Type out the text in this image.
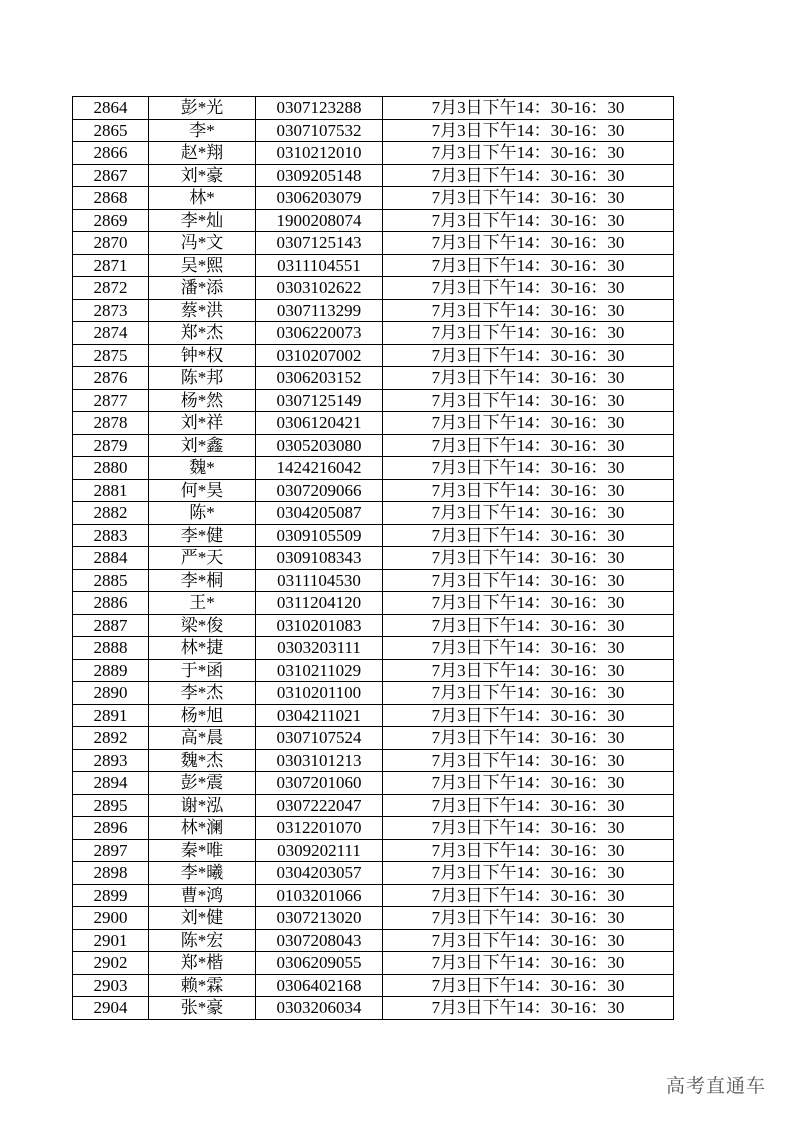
2864	彭*光	0307123288	7月3日下午14：30-16：30
2865	李*	0307107532	7月3日下午14：30-16：30
2866	赵*翔	0310212010	7月3日下午14：30-16：30
2867	刘*豪	0309205148	7月3日下午14：30-16：30
2868	林*	0306203079	7月3日下午14：30-16：30
2869	李*灿	1900208074	7月3日下午14：30-16：30
2870	冯*文	0307125143	7月3日下午14：30-16：30
2871	吴*熙	0311104551	7月3日下午14：30-16：30
2872	潘*添	0303102622	7月3日下午14：30-16：30
2873	蔡*洪	0307113299	7月3日下午14：30-16：30
2874	郑*杰	0306220073	7月3日下午14：30-16：30
2875	钟*权	0310207002	7月3日下午14：30-16：30
2876	陈*邦	0306203152	7月3日下午14：30-16：30
2877	杨*然	0307125149	7月3日下午14：30-16：30
2878	刘*祥	0306120421	7月3日下午14：30-16：30
2879	刘*鑫	0305203080	7月3日下午14：30-16：30
2880	魏*	1424216042	7月3日下午14：30-16：30
2881	何*昊	0307209066	7月3日下午14：30-16：30
2882	陈*	0304205087	7月3日下午14：30-16：30
2883	李*健	0309105509	7月3日下午14：30-16：30
2884	严*天	0309108343	7月3日下午14：30-16：30
2885	李*桐	0311104530	7月3日下午14：30-16：30
2886	王*	0311204120	7月3日下午14：30-16：30
2887	梁*俊	0310201083	7月3日下午14：30-16：30
2888	林*捷	0303203111	7月3日下午14：30-16：30
2889	于*函	0310211029	7月3日下午14：30-16：30
2890	李*杰	0310201100	7月3日下午14：30-16：30
2891	杨*旭	0304211021	7月3日下午14：30-16：30
2892	高*晨	0307107524	7月3日下午14：30-16：30
2893	魏*杰	0303101213	7月3日下午14：30-16：30
2894	彭*震	0307201060	7月3日下午14：30-16：30
2895	谢*泓	0307222047	7月3日下午14：30-16：30
2896	林*澜	0312201070	7月3日下午14：30-16：30
2897	秦*唯	0309202111	7月3日下午14：30-16：30
2898	李*曦	0304203057	7月3日下午14：30-16：30
2899	曹*鸿	0103201066	7月3日下午14：30-16：30
2900	刘*健	0307213020	7月3日下午14：30-16：30
2901	陈*宏	0307208043	7月3日下午14：30-16：30
2902	郑*楷	0306209055	7月3日下午14：30-16：30
2903	赖*霖	0306402168	7月3日下午14：30-16：30
2904	张*豪	0303206034	7月3日下午14：30-16：30
高考直通车
